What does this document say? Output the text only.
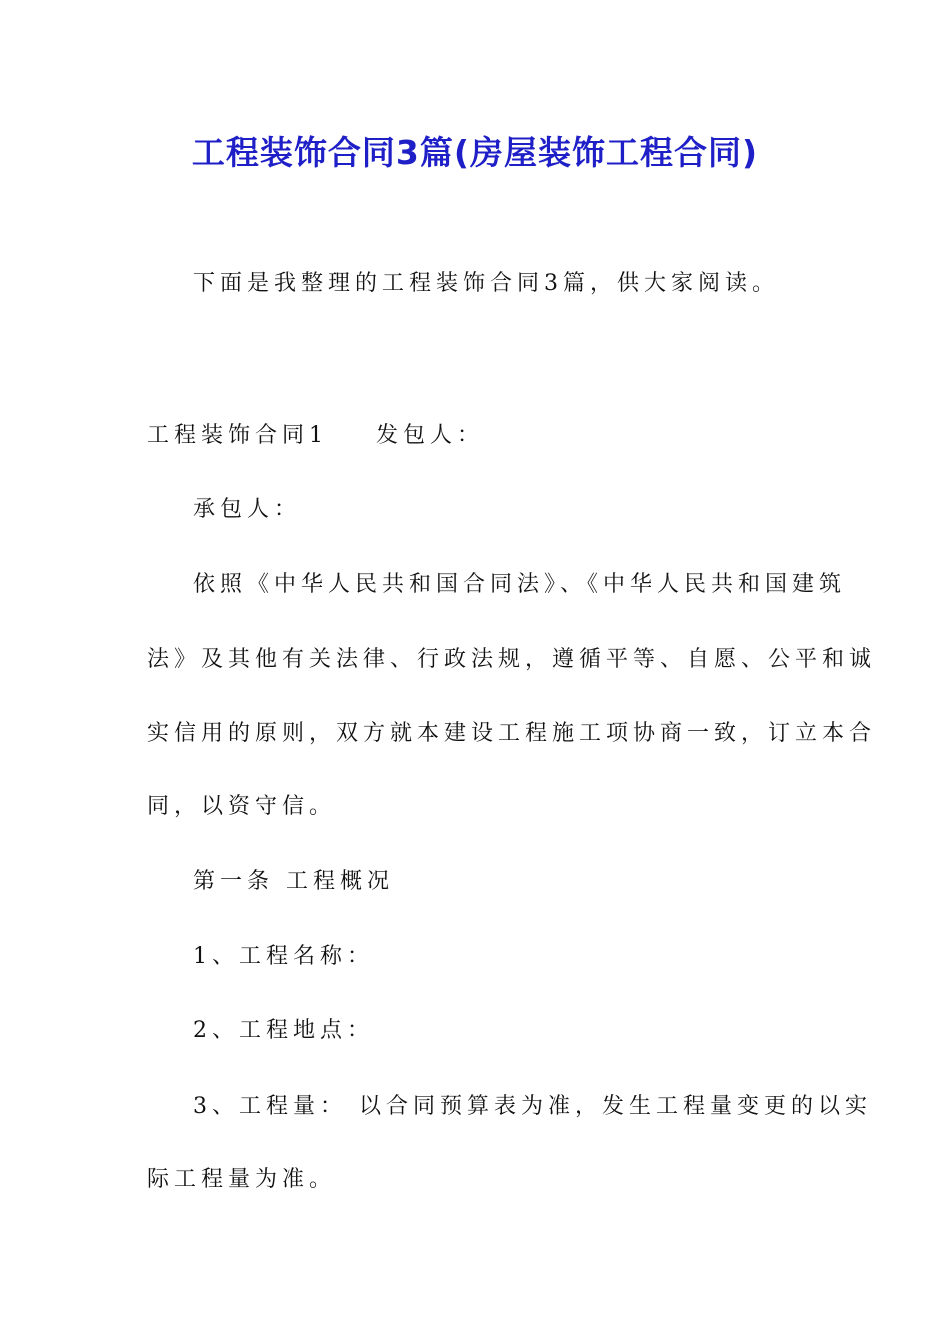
工程装饰合同3篇(房屋装饰工程合同)
下面是我整理的工程装饰合同3篇，供大家阅读。
工程装饰合同1 发包人：
承包人：
依照《中华人民共和国合同法》、《中华人民共和国建筑
法》及其他有关法律、行政法规，遵循平等、自愿、公平和诚
实信用的原则，双方就本建设工程施工项协商一致，订立本合
同，以资守信。
第一条 工程概况
1、工程名称：
2、工程地点：
3、工程量： 以合同预算表为准，发生工程量变更的以实
际工程量为准。
